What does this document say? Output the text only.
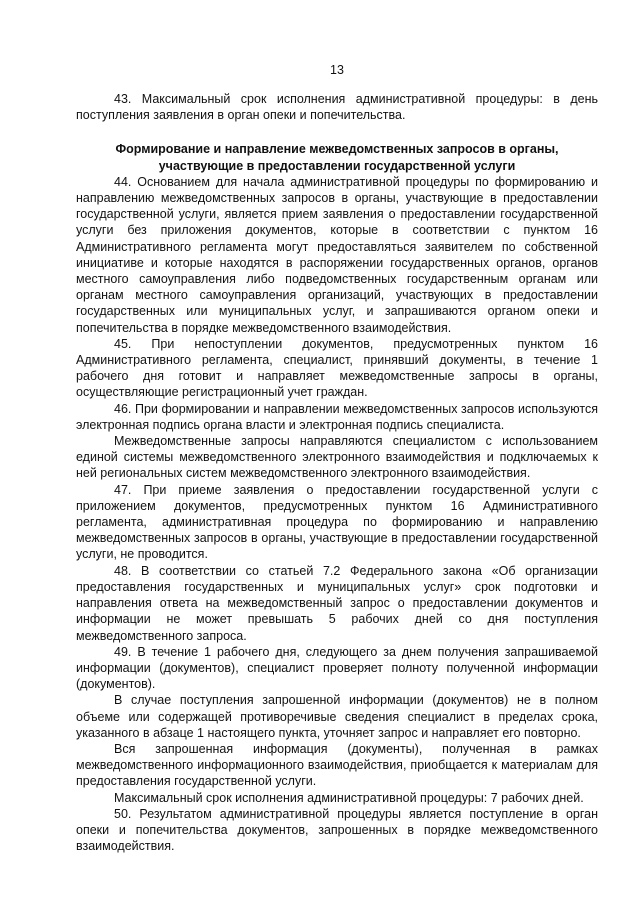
13

43. Максимальный срок исполнения административной процедуры: в день поступления заявления в орган опеки и попечительства.

Формирование и направление межведомственных запросов в органы,
участвующие в предоставлении государственной услуги

44. Основанием для начала административной процедуры по формированию и направлению межведомственных запросов в органы, участвующие в предоставлении государственной услуги, является прием заявления о предоставлении государственной услуги без приложения документов, которые в соответствии с пунктом 16 Административного регламента могут предоставляться заявителем по собственной инициативе и которые находятся в распоряжении государственных органов, органов местного самоуправления либо подведомственных государственным органам или органам местного самоуправления организаций, участвующих в предоставлении государственных или муниципальных услуг, и запрашиваются органом опеки и попечительства в порядке межведомственного взаимодействия.

45. При непоступлении документов, предусмотренных пунктом 16 Административного регламента, специалист, принявший документы, в течение 1 рабочего дня готовит и направляет межведомственные запросы в органы, осуществляющие регистрационный учет граждан.

46. При формировании и направлении межведомственных запросов используются электронная подпись органа власти и электронная подпись специалиста.

Межведомственные запросы направляются специалистом с использованием единой системы межведомственного электронного взаимодействия и подключаемых к ней региональных систем межведомственного электронного взаимодействия.

47. При приеме заявления о предоставлении государственной услуги с приложением документов, предусмотренных пунктом 16 Административного регламента, административная процедура по формированию и направлению межведомственных запросов в органы, участвующие в предоставлении государственной услуги, не проводится.

48. В соответствии со статьей 7.2 Федерального закона «Об организации предоставления государственных и муниципальных услуг» срок подготовки и направления ответа на межведомственный запрос о предоставлении документов и информации не может превышать 5 рабочих дней со дня поступления межведомственного запроса.

49. В течение 1 рабочего дня, следующего за днем получения запрашиваемой информации (документов), специалист проверяет полноту полученной информации (документов).

В случае поступления запрошенной информации (документов) не в полном объеме или содержащей противоречивые сведения специалист в пределах срока, указанного в абзаце 1 настоящего пункта, уточняет запрос и направляет его повторно.

Вся запрошенная информация (документы), полученная в рамках межведомственного информационного взаимодействия, приобщается к материалам для предоставления государственной услуги.

Максимальный срок исполнения административной процедуры: 7 рабочих дней.

50. Результатом административной процедуры является поступление в орган опеки и попечительства документов, запрошенных в порядке межведомственного взаимодействия.
